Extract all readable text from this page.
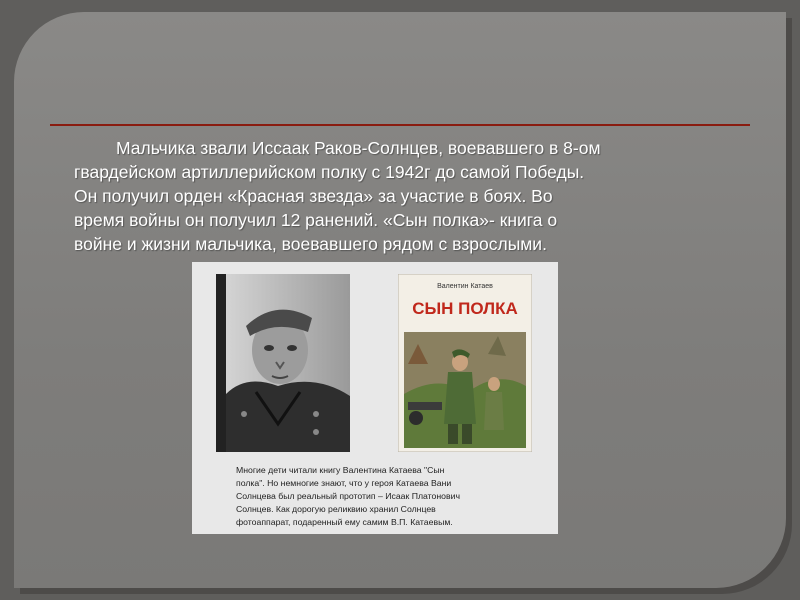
Мальчика звали Иссаак Раков-Солнцев, воевавшего в 8-ом
гвардейском артиллерийском полку с 1942г до самой Победы.
Он получил орден «Красная звезда» за участие в боях. Во
время войны он получил 12 ранений. «Сын полка»- книга о
войне и жизни мальчика, воевавшего рядом с взрослыми.
Валентин Катаев
СЫН ПОЛКА
Многие дети читали книгу Валентина Катаева "Сын
полка". Но немногие знают, что у героя Катаева Вани
Солнцева был реальный прототип – Исаак Платонович
Солнцев. Как дорогую реликвию хранил Солнцев
фотоаппарат, подаренный ему самим В.П. Катаевым.
